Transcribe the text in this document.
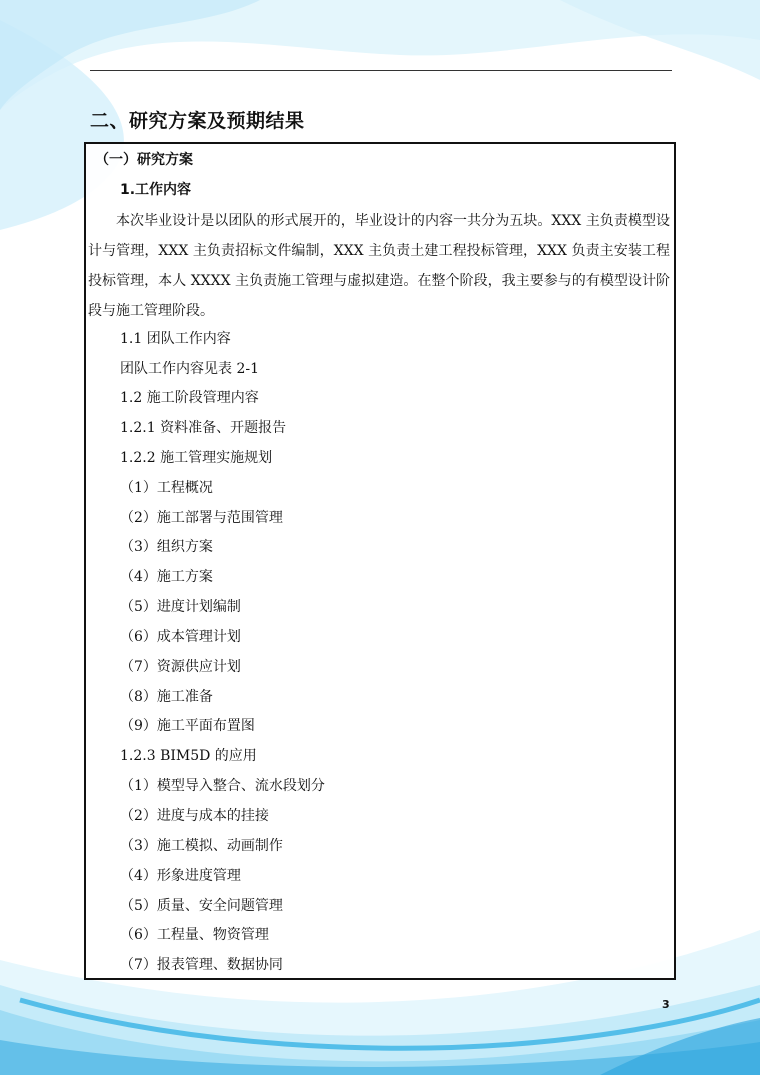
二、研究方案及预期结果
（一）研究方案
1.工作内容
本次毕业设计是以团队的形式展开的，毕业设计的内容一共分为五块。XXX 主负责模型设计与管理，XXX 主负责招标文件编制，XXX 主负责土建工程投标管理，XXX 负责主安装工程投标管理，本人 XXXX 主负责施工管理与虚拟建造。在整个阶段，我主要参与的有模型设计阶段与施工管理阶段。
1.1 团队工作内容
团队工作内容见表 2-1
1.2 施工阶段管理内容
1.2.1 资料准备、开题报告
1.2.2 施工管理实施规划
（1）工程概况
（2）施工部署与范围管理
（3）组织方案
（4）施工方案
（5）进度计划编制
（6）成本管理计划
（7）资源供应计划
（8）施工准备
（9）施工平面布置图
1.2.3 BIM5D 的应用
（1）模型导入整合、流水段划分
（2）进度与成本的挂接
（3）施工模拟、动画制作
（4）形象进度管理
（5）质量、安全问题管理
（6）工程量、物资管理
（7）报表管理、数据协同
3
